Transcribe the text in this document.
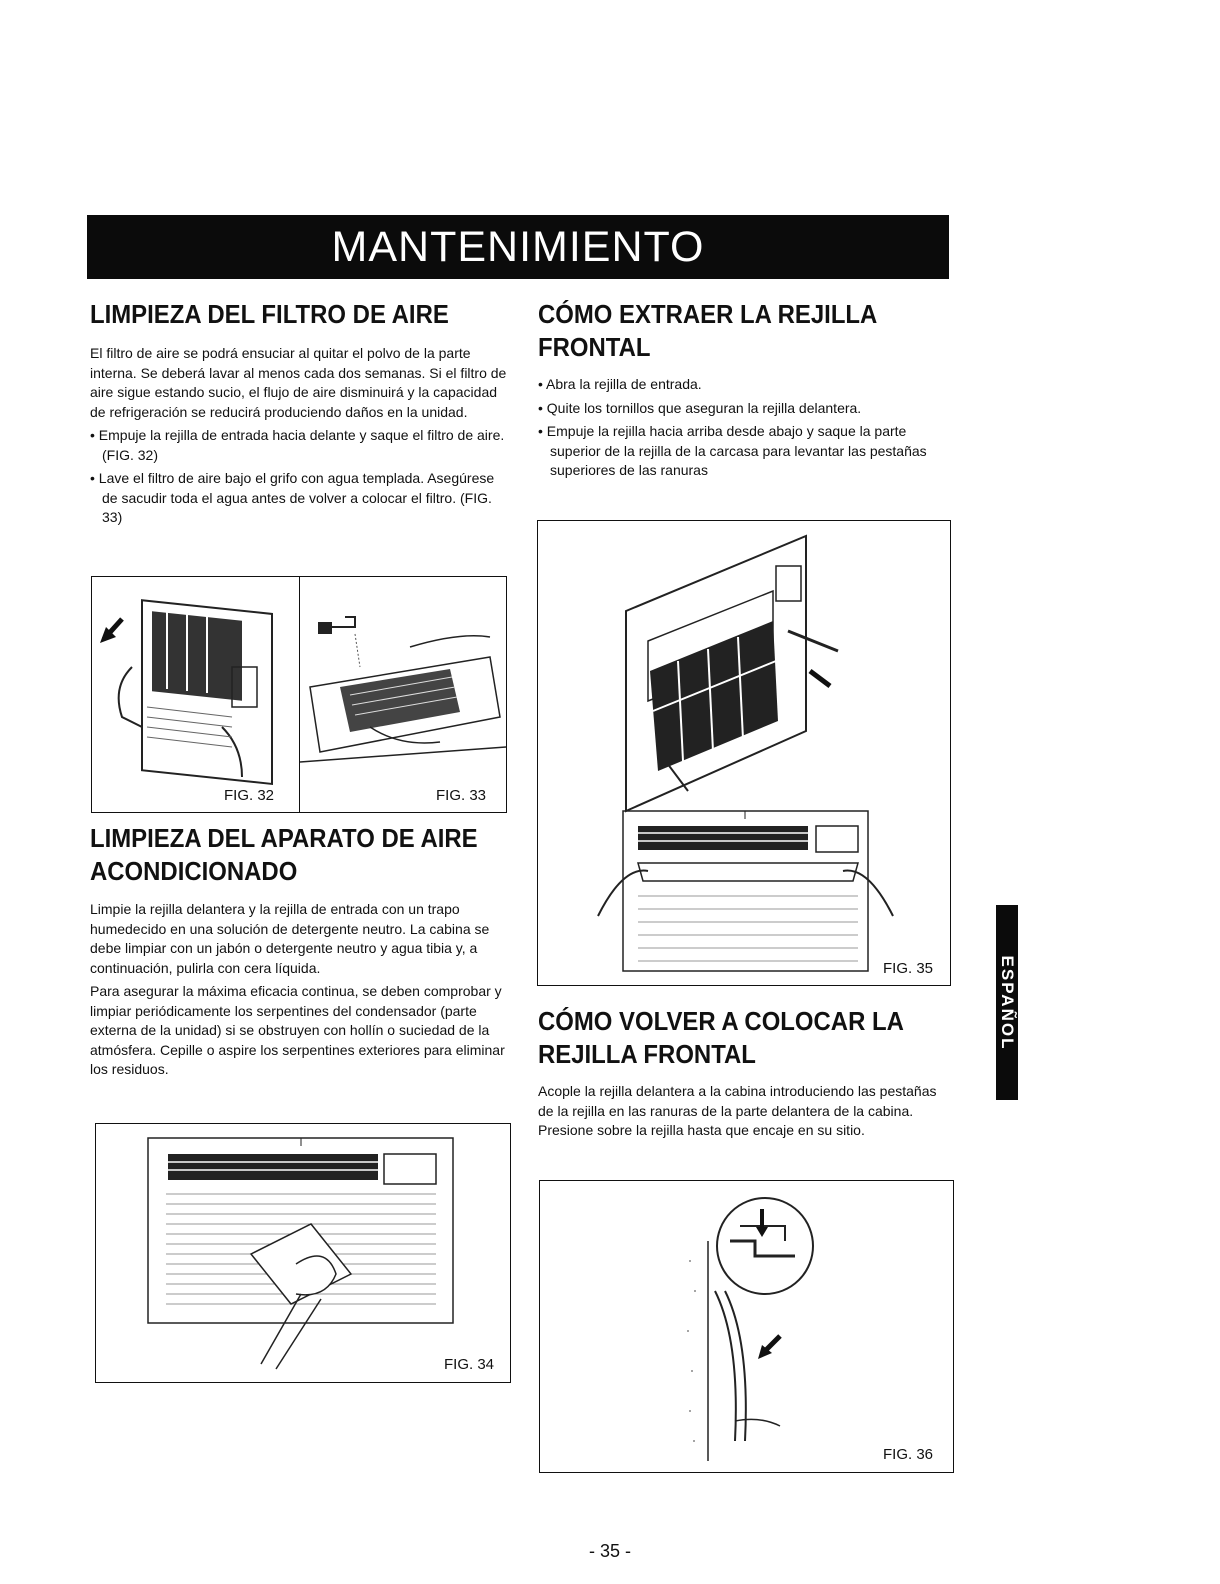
MANTENIMIENTO
LIMPIEZA DEL FILTRO DE AIRE

El filtro de aire se podrá ensuciar al quitar el polvo de la parte interna. Se deberá lavar al menos cada dos semanas. Si el filtro de aire sigue estando sucio, el flujo de aire disminuirá y la capacidad de refrigeración se reducirá produciendo daños en la unidad.

• Empuje la rejilla de entrada hacia delante y saque el filtro de aire. (FIG. 32)

• Lave el filtro de aire bajo el grifo con agua templada. Asegúrese de sacudir toda el agua antes de volver a colocar el filtro. (FIG. 33)

FIG. 32	FIG. 33
LIMPIEZA DEL APARATO DE AIRE
ACONDICIONADO

Limpie la rejilla delantera y la rejilla de entrada con un trapo humedecido en una solución de detergente neutro. La cabina se debe limpiar con un jabón o detergente neutro y agua tibia y, a continuación, pulirla con cera líquida.

Para asegurar la máxima eficacia continua, se deben comprobar y limpiar periódicamente los serpentines del condensador (parte externa de la unidad) si se obstruyen con hollín o suciedad de la atmósfera. Cepille o aspire los serpentines exteriores para eliminar los residuos.

FIG. 34
CÓMO EXTRAER LA REJILLA
FRONTAL

• Abra la rejilla de entrada.

• Quite los tornillos que aseguran la rejilla delantera.

• Empuje la rejilla hacia arriba desde abajo y saque la parte superior de la rejilla de la carcasa para levantar las pestañas superiores de las ranuras

FIG. 35
CÓMO VOLVER A COLOCAR LA
REJILLA FRONTAL

Acople la rejilla delantera a la cabina introduciendo las pestañas de la rejilla en las ranuras de la parte delantera de la cabina. Presione sobre la rejilla hasta que encaje en su sitio.

FIG. 36
ESPAÑOL
- 35 -
